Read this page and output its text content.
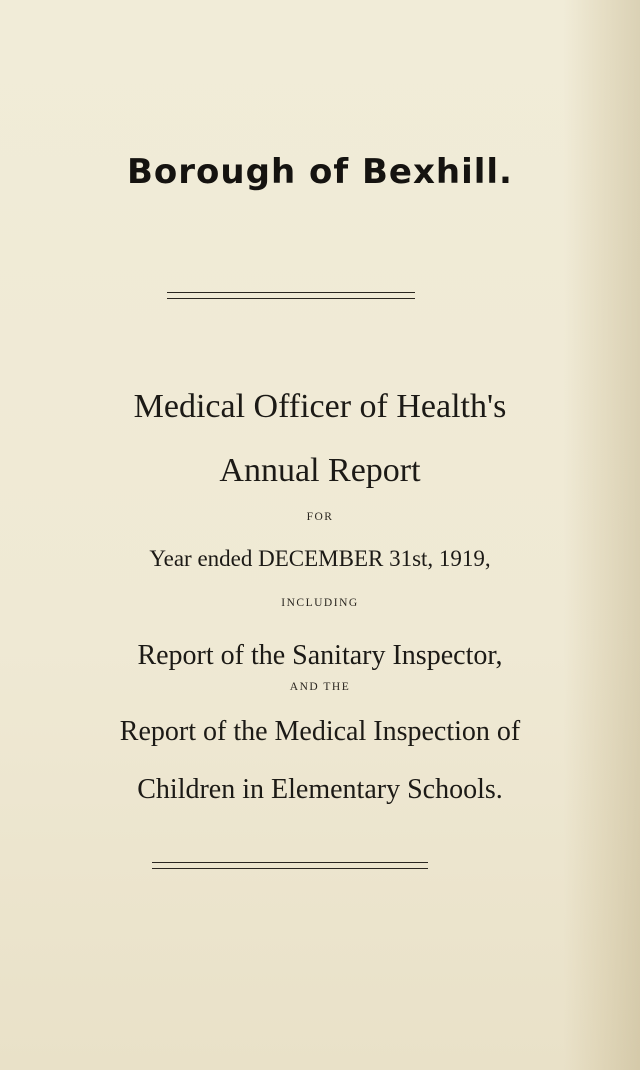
Borough of Bexhill.
Medical Officer of Health's
Annual Report
FOR
Year ended DECEMBER 31st, 1919,
INCLUDING
Report of the Sanitary Inspector,
AND THE
Report of the Medical Inspection of
Children in Elementary Schools.
